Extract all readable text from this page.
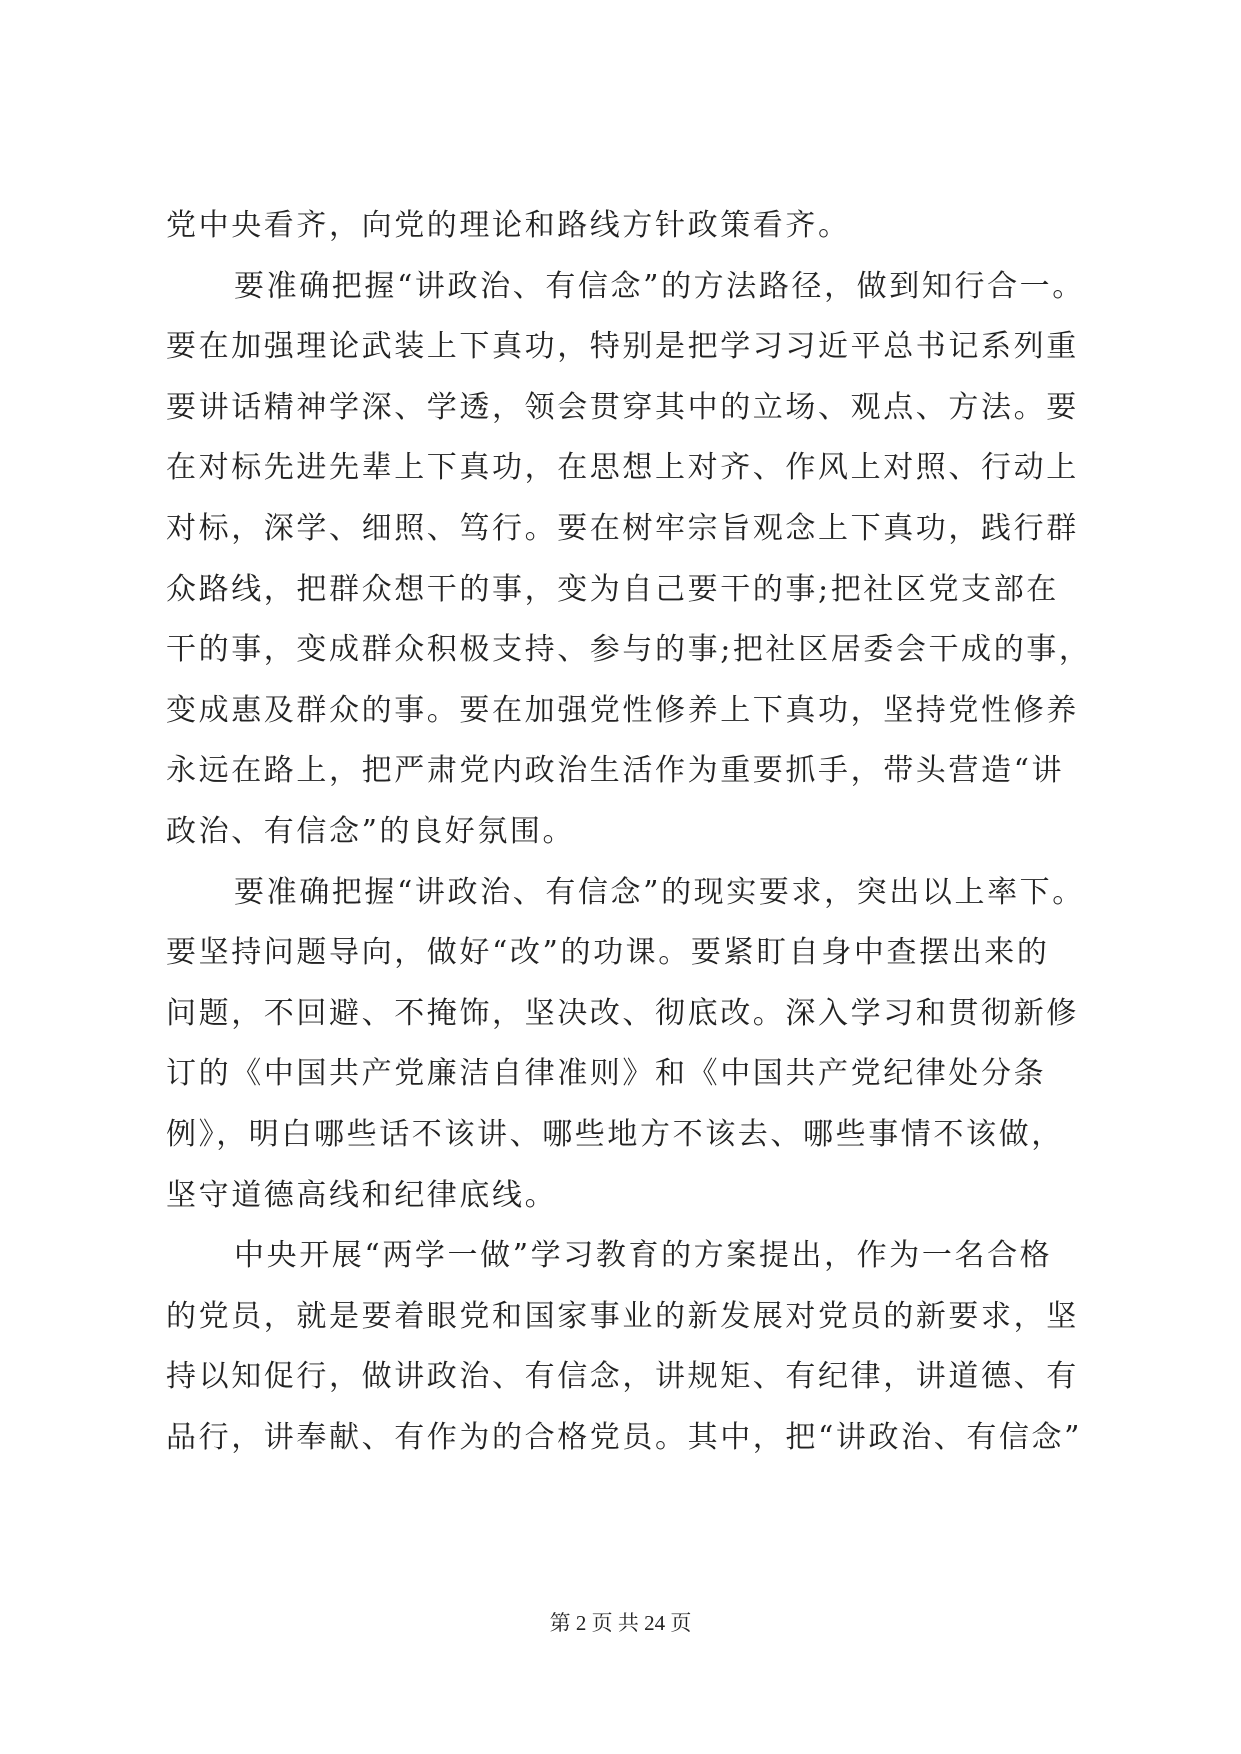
党中央看齐，向党的理论和路线方针政策看齐。
要准确把握“讲政治、有信念”的方法路径，做到知行合一。
要在加强理论武装上下真功，特别是把学习习近平总书记系列重
要讲话精神学深、学透，领会贯穿其中的立场、观点、方法。要
在对标先进先辈上下真功，在思想上对齐、作风上对照、行动上
对标，深学、细照、笃行。要在树牢宗旨观念上下真功，践行群
众路线，把群众想干的事，变为自己要干的事;把社区党支部在
干的事，变成群众积极支持、参与的事;把社区居委会干成的事，
变成惠及群众的事。要在加强党性修养上下真功，坚持党性修养
永远在路上，把严肃党内政治生活作为重要抓手，带头营造“讲
政治、有信念”的良好氛围。
要准确把握“讲政治、有信念”的现实要求，突出以上率下。
要坚持问题导向，做好“改”的功课。要紧盯自身中查摆出来的
问题，不回避、不掩饰，坚决改、彻底改。深入学习和贯彻新修
订的《中国共产党廉洁自律准则》和《中国共产党纪律处分条
例》，明白哪些话不该讲、哪些地方不该去、哪些事情不该做，
坚守道德高线和纪律底线。
中央开展“两学一做”学习教育的方案提出，作为一名合格
的党员，就是要着眼党和国家事业的新发展对党员的新要求，坚
持以知促行，做讲政治、有信念，讲规矩、有纪律，讲道德、有
品行，讲奉献、有作为的合格党员。其中，把“讲政治、有信念”
第 2 页 共 24 页
